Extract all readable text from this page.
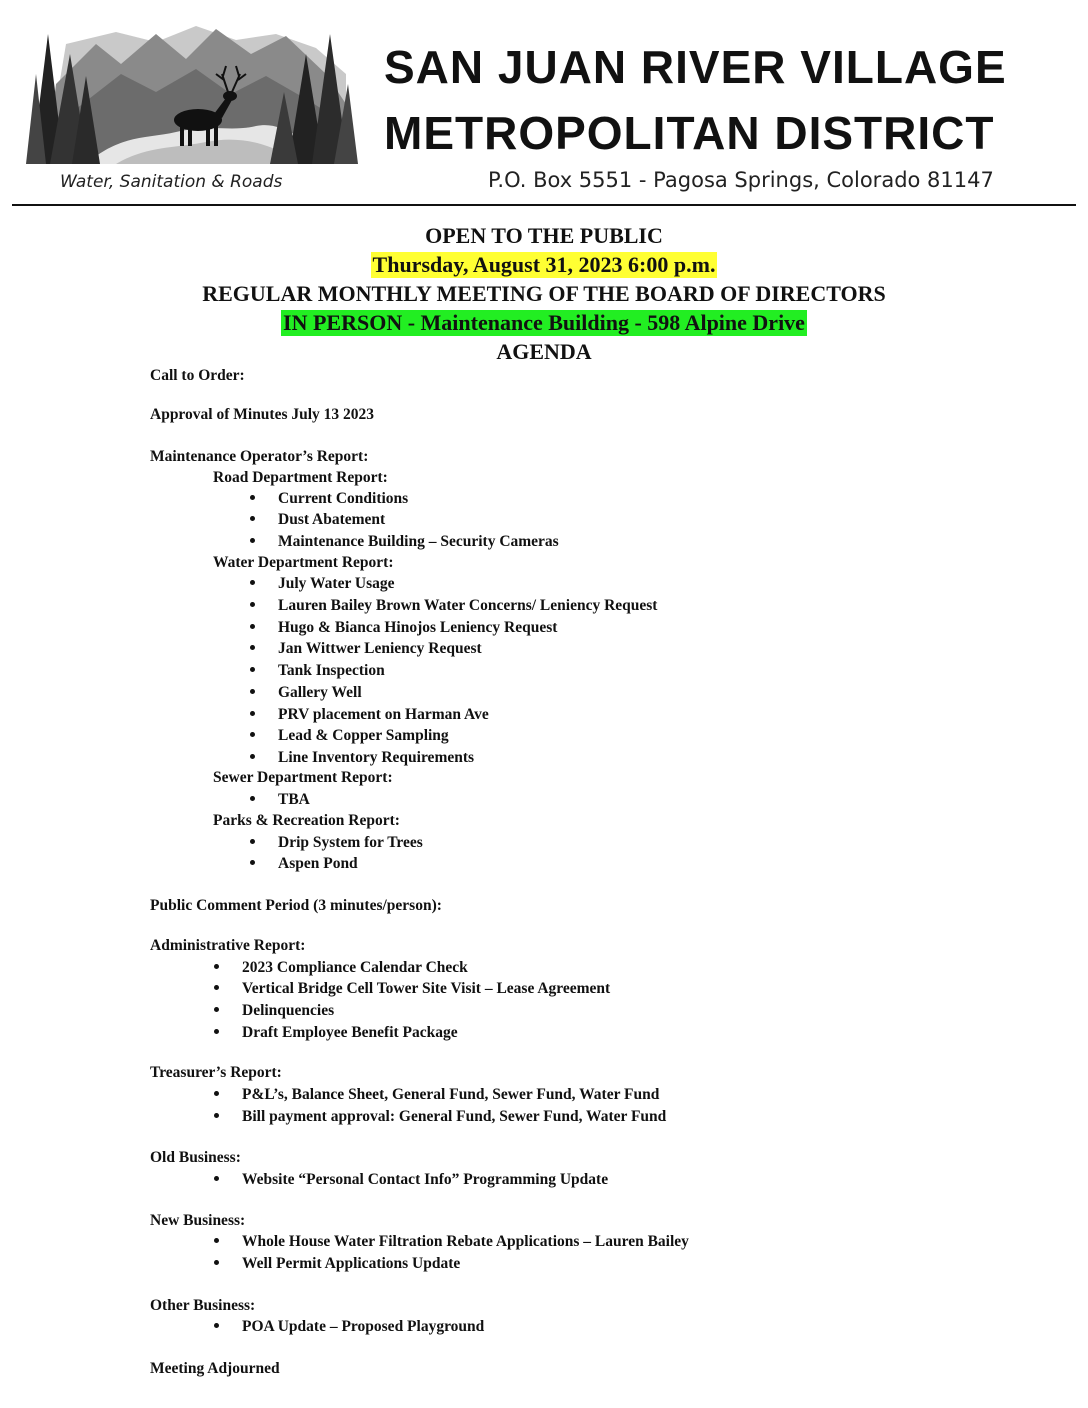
Water, Sanitation & Roads
SAN JUAN RIVER VILLAGE
METROPOLITAN DISTRICT
P.O. Box 5551 - Pagosa Springs, Colorado 81147
OPEN TO THE PUBLIC
Thursday, August 31, 2023 6:00 p.m.
REGULAR MONTHLY MEETING OF THE BOARD OF DIRECTORS
IN PERSON - Maintenance Building - 598 Alpine Drive
AGENDA
Call to Order:
Approval of Minutes July 13 2023
Maintenance Operator’s Report:
Road Department Report:
Current Conditions
Dust Abatement
Maintenance Building – Security Cameras
Water Department Report:
July Water Usage
Lauren Bailey Brown Water Concerns/ Leniency Request
Hugo & Bianca Hinojos Leniency Request
Jan Wittwer Leniency Request
Tank Inspection
Gallery Well
PRV placement on Harman Ave
Lead & Copper Sampling
Line Inventory Requirements
Sewer Department Report:
TBA
Parks & Recreation Report:
Drip System for Trees
Aspen Pond
Public Comment Period (3 minutes/person):
Administrative Report:
2023 Compliance Calendar Check
Vertical Bridge Cell Tower Site Visit – Lease Agreement
Delinquencies
Draft Employee Benefit Package
Treasurer’s Report:
P&L’s, Balance Sheet, General Fund, Sewer Fund, Water Fund
Bill payment approval: General Fund, Sewer Fund, Water Fund
Old Business:
Website “Personal Contact Info” Programming Update
New Business:
Whole House Water Filtration Rebate Applications – Lauren Bailey
Well Permit Applications Update
Other Business:
POA Update – Proposed Playground
Meeting Adjourned
